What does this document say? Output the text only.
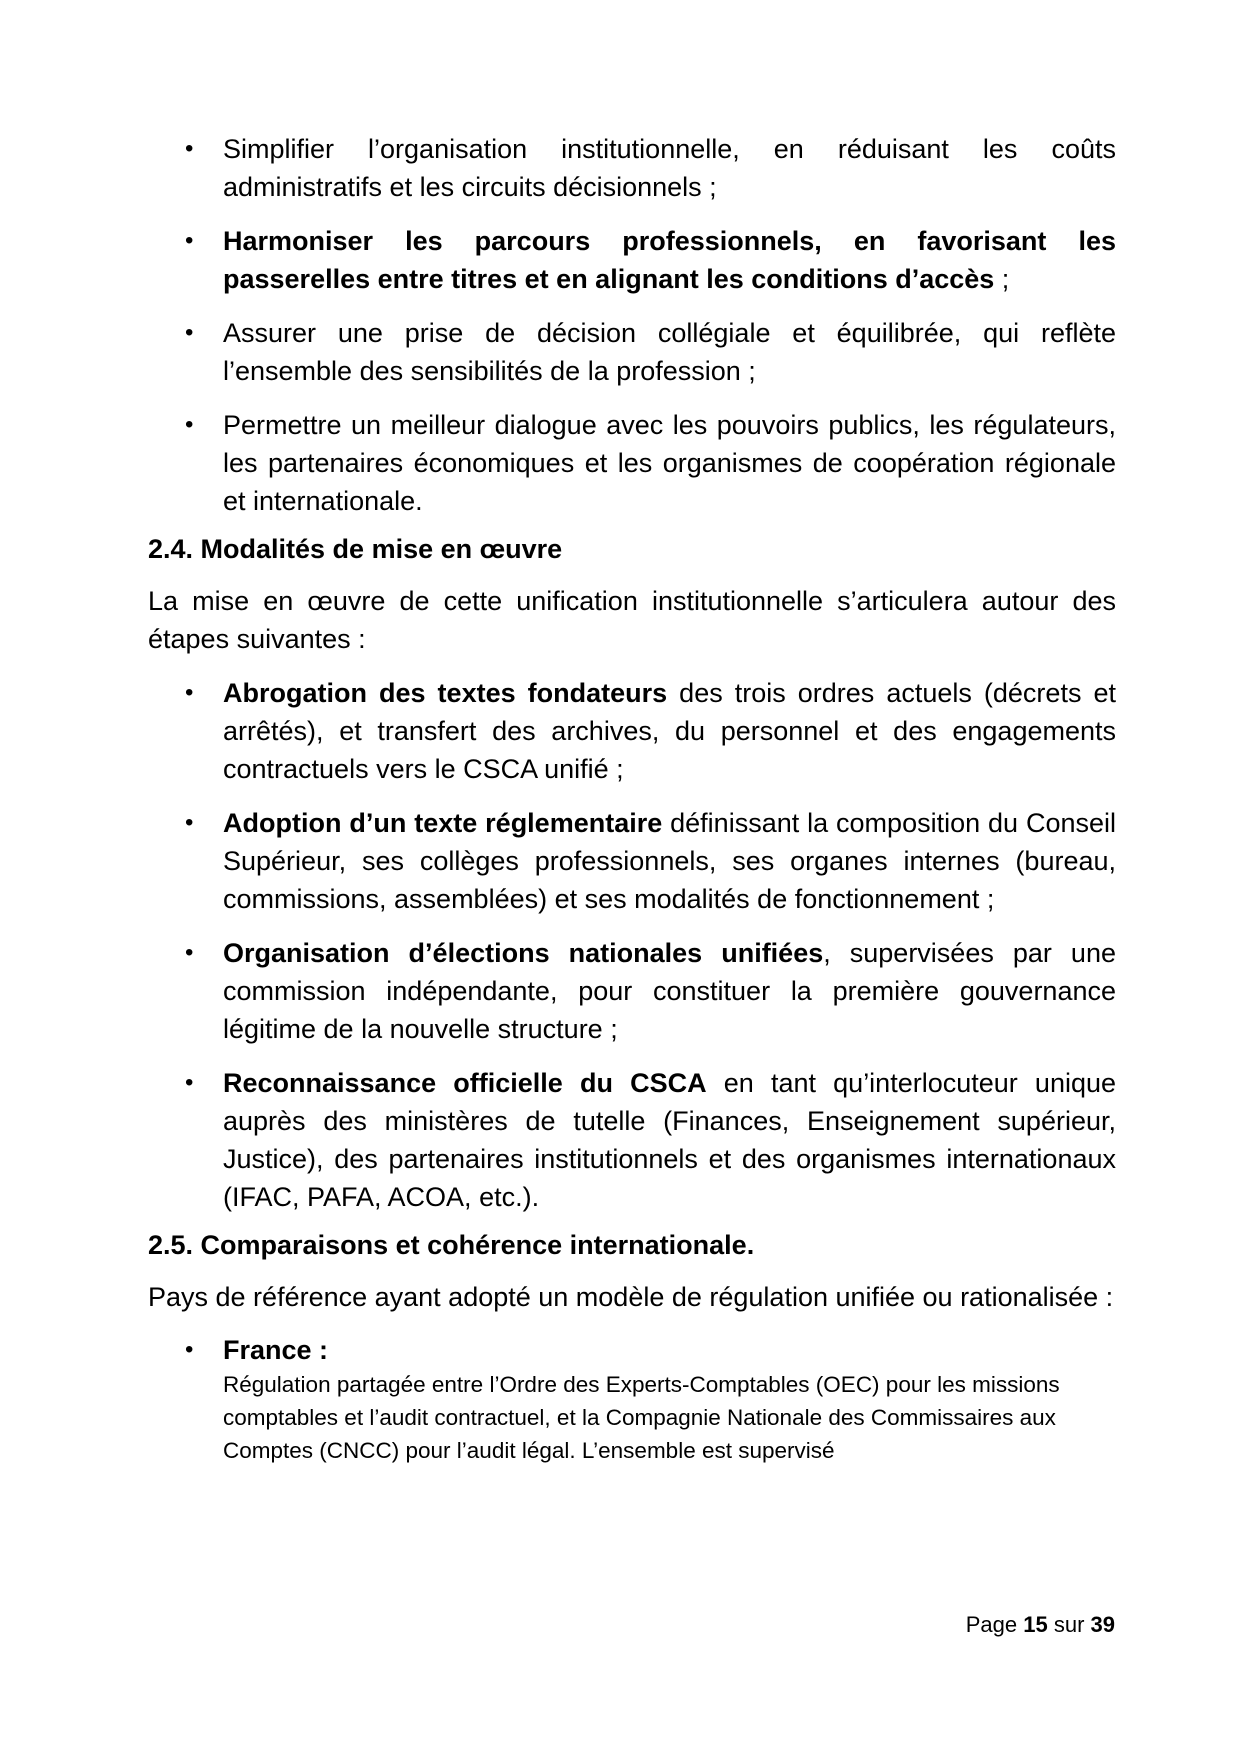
• Simplifier l’organisation institutionnelle, en réduisant les coûts administratifs et les circuits décisionnels ;
• Harmoniser les parcours professionnels, en favorisant les passerelles entre titres et en alignant les conditions d’accès ;
• Assurer une prise de décision collégiale et équilibrée, qui reflète l’ensemble des sensibilités de la profession ;
• Permettre un meilleur dialogue avec les pouvoirs publics, les régulateurs, les partenaires économiques et les organismes de coopération régionale et internationale.
2.4. Modalités de mise en œuvre
La mise en œuvre de cette unification institutionnelle s’articulera autour des étapes suivantes :
• Abrogation des textes fondateurs des trois ordres actuels (décrets et arrêtés), et transfert des archives, du personnel et des engagements contractuels vers le CSCA unifié ;
• Adoption d’un texte réglementaire définissant la composition du Conseil Supérieur, ses collèges professionnels, ses organes internes (bureau, commissions, assemblées) et ses modalités de fonctionnement ;
• Organisation d’élections nationales unifiées, supervisées par une commission indépendante, pour constituer la première gouvernance légitime de la nouvelle structure ;
• Reconnaissance officielle du CSCA en tant qu’interlocuteur unique auprès des ministères de tutelle (Finances, Enseignement supérieur, Justice), des partenaires institutionnels et des organismes internationaux (IFAC, PAFA, ACOA, etc.).
2.5. Comparaisons et cohérence internationale.
Pays de référence ayant adopté un modèle de régulation unifiée ou rationalisée :
• France :
Régulation partagée entre l’Ordre des Experts-Comptables (OEC) pour les missions comptables et l’audit contractuel, et la Compagnie Nationale des Commissaires aux Comptes (CNCC) pour l’audit légal. L’ensemble est supervisé
Page 15 sur 39
